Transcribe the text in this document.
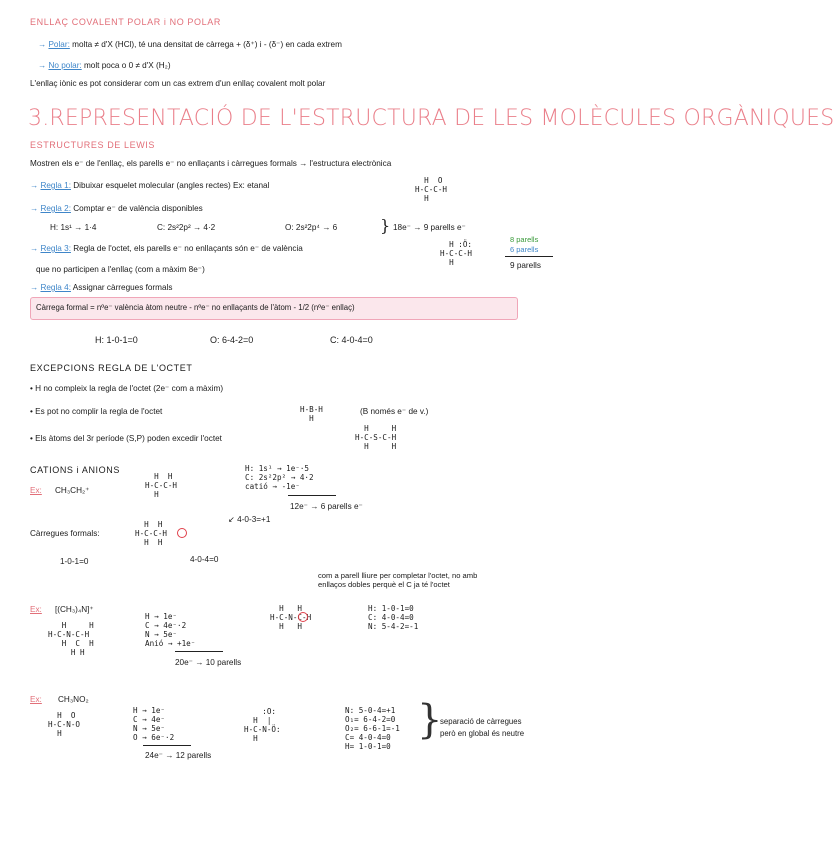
ENLLAÇ COVALENT POLAR i NO POLAR
→ Polar: molta ≠ d'X (HCl), té una densitat de càrrega + (δ⁺) i - (δ⁻) en cada extrem
→ No polar: molt poca o 0 ≠ d'X (H₂)
L'enllaç iònic es pot considerar com un cas extrem d'un enllaç covalent molt polar
3.REPRESENTACIÓ DE L'ESTRUCTURA DE LES MOLÈCULES ORGÀNIQUES
ESTRUCTURES DE LEWIS
Mostren els e⁻ de l'enllaç, els parells e⁻ no enllaçants i càrregues formals → l'estructura electrònica
→ Regla 1: Dibuixar esquelet molecular (angles rectes) Ex: etanal
H  O
H-C-C-H
H
→ Regla 2: Comptar e⁻ de valència disponibles
H: 1s¹ → 1·4	C: 2s²2p² → 4·2	O: 2s²2p⁴ → 6	} 18e⁻ → 9 parells e⁻
→ Regla 3: Regla de l'octet, els parells e⁻ no enllaçants són e⁻ de valència
que no participen a l'enllaç (com a màxim 8e⁻)
H :Ö:
H-C-C-H
H
8 parells
6 parells
9 parells
→ Regla 4: Assignar càrregues formals
Càrrega formal = nºe⁻ valència àtom neutre - nºe⁻ no enllaçants de l'àtom - 1/2 (nºe⁻ enllaç)
H: 1-0-1=0	O: 6-4-2=0	C: 4-0-4=0
EXCEPCIONS REGLA DE L'OCTET
• H no compleix la regla de l'octet (2e⁻ com a màxim)
• Es pot no complir la regla de l'octet	H-B-H
H
(B només e⁻ de v.)
• Els àtoms del 3r període (S,P) poden excedir l'octet
H     H
H-C-S-C-H
H     H
CATIONS i ANIONS
Ex: CH₃CH₂⁺
H  H
H-C-C-H
H
H: 1s¹ → 1e⁻·5
C: 2s²2p² → 4·2
catió → -1e⁻
12e⁻ → 6 parells e⁻
Càrregues formals:
H  H
H-C-C-H
H  H
↙ 4-0-3=+1
1-0-1=0	4-0-4=0
Ex: [(CH₃)₄N]⁺
H     H
H-C-N-C-H
H  C  H
H H
H → 1e⁻
C → 4e⁻·2
N → 5e⁻
Anió → +1e⁻
20e⁻ → 10 parells
com a parell lliure per completar l'octet, no amb
enllaços dobles perquè el C ja té l'octet
H   H
H-C-N-C-H
H   H
H: 1-0-1=0
C: 4-0-4=0
N: 5-4-2=-1
Ex: CH₃NO₂
H  O
H-C-N-O
H
H → 1e⁻
C → 4e⁻
N → 5e⁻
O → 6e⁻·2
24e⁻ → 12 parells
:O:
H  |
H-C-N-Ö:
H
N: 5-0-4=+1
O₁= 6-4-2=0
O₂= 6-6-1=-1
C= 4-0-4=0
H= 1-0-1=0
}
separació de càrregues
però en global és neutre
